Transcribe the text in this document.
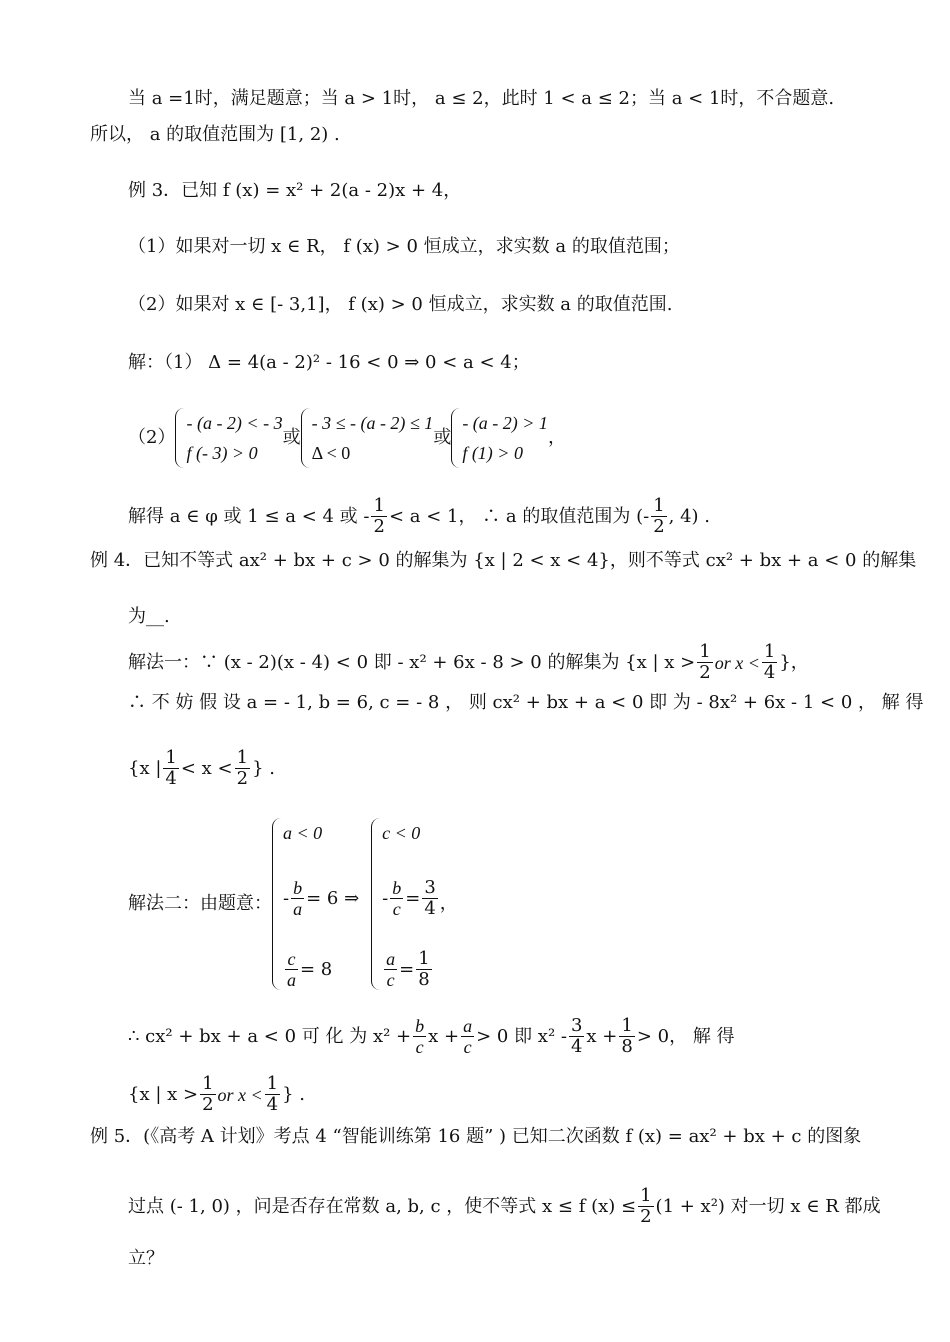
当 a =1时，满足题意；当 a > 1时， a ≤ 2，此时 1 < a ≤ 2；当 a < 1时，不合题意.
所以， a 的取值范围为 [1, 2) .
例 3．已知 f (x) = x² + 2(a - 2)x + 4，
（1）如果对一切 x ∈ R， f (x) > 0 恒成立，求实数 a 的取值范围；
（2）如果对 x ∈ [- 3,1]， f (x) > 0 恒成立，求实数 a 的取值范围.
解：（1） Δ = 4(a - 2)² - 16 < 0 ⇒ 0 < a < 4；
（2）
- (a - 2) < - 3
f (- 3) > 0
或
- 3 ≤ - (a - 2) ≤ 1
Δ < 0
或
- (a - 2) > 1
f (1) > 0
，
解得 a ∈ φ 或 1 ≤ a < 4 或 - $\frac{1}{2} < a < 1$， ∴ a 的取值范围为 (- $\frac{1}{2}$ , 4) .
例 4．已知不等式 ax² + bx + c > 0 的解集为 {x | 2 < x < 4}，则不等式 cx² + bx + a < 0 的解集
为__.
解法一：∵ (x - 2)(x - 4) < 0 即 - x² + 6x - 8 > 0 的解集为 {x | $x > \frac{1}{2}$ or $x < \frac{1}{4}$ }，
∴ 不 妨 假 设 a = - 1, b = 6, c = - 8 ， 则 cx² + bx + a < 0 即 为 - 8x² + 6x - 1 < 0 ， 解 得
{x | $\frac{1}{4} < x < \frac{1}{2}$ } .
解法二：由题意：
a < 0
- $\frac{b}{a} = 6$ ⇒
$\frac{c}{a} = 8$
c < 0
- $\frac{b}{c} = \frac{3}{4}$
$\frac{a}{c} = \frac{1}{8}$
，
∴ cx² + bx + a < 0 可 化 为 $x^2 + \frac{b}{c}$ $x + \frac{a}{c} > 0$ 即 $x^2 - \frac{3}{4}$ $x + \frac{1}{8} > 0$， 解 得
{x | $x > \frac{1}{2}$ or $x < \frac{1}{4}$ } .
例 5．(《高考 A 计划》考点 4 “智能训练第 16 题” ) 已知二次函数 f (x) = ax² + bx + c 的图象
过点 (- 1, 0) ，问是否存在常数 a, b, c ，使不等式 x ≤ f $(x) \le \frac{1}{2} (1 + x^2)$ 对一切 x ∈ R 都成
立？
